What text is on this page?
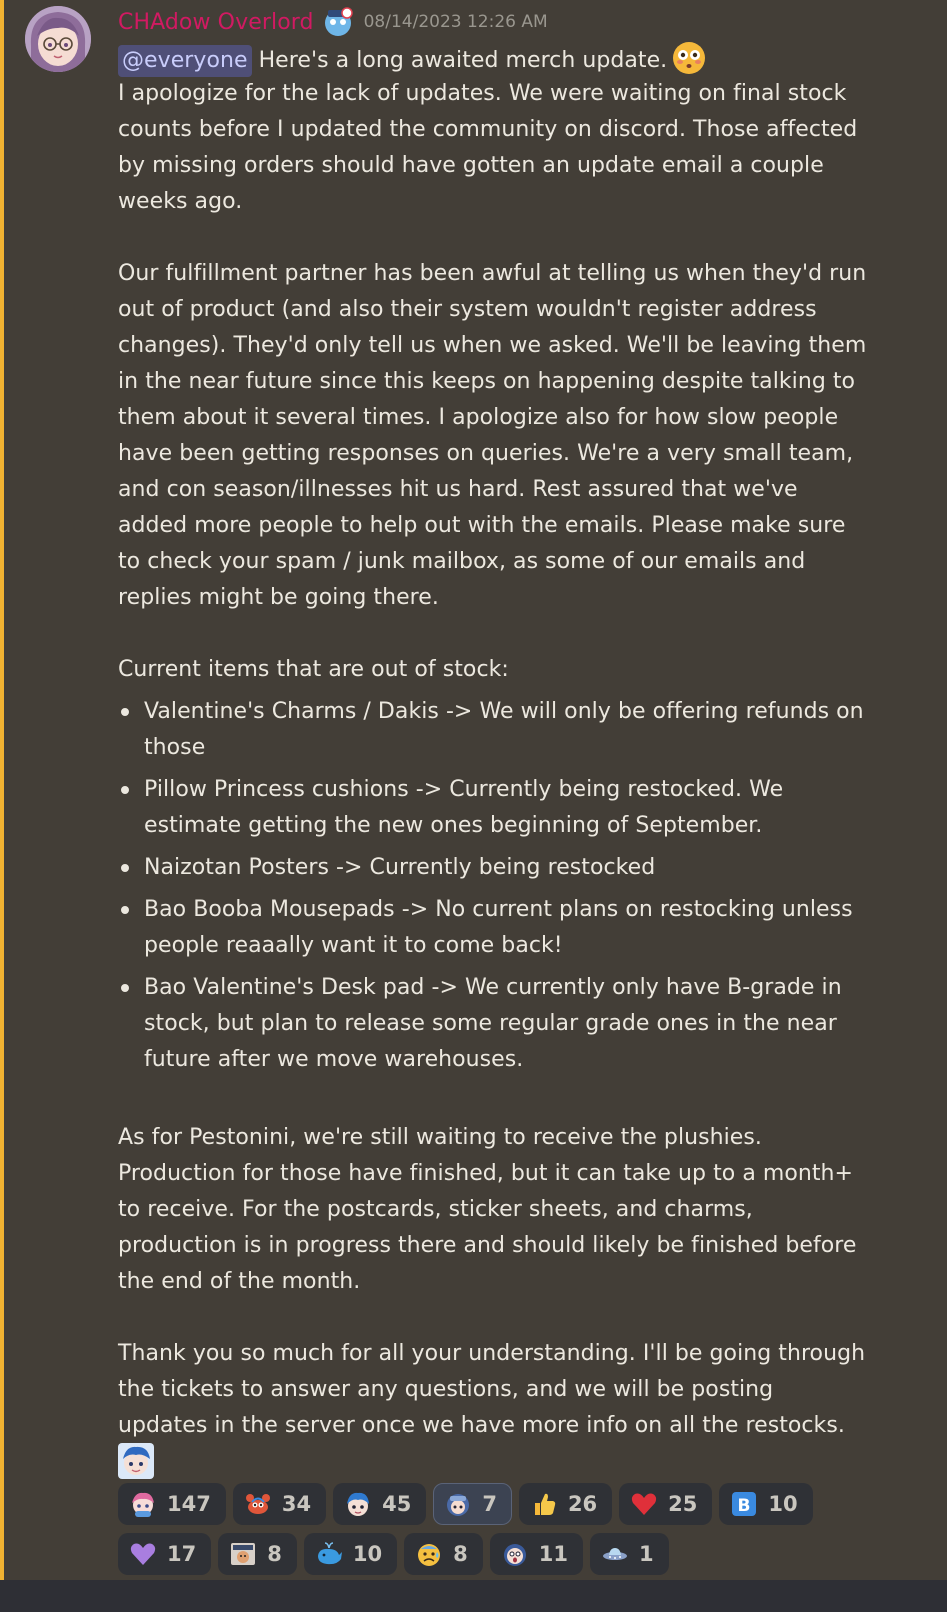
CHAdow Overlord	08/14/2023 12:26 AM
@everyone Here's a long awaited merch update.
I apologize for the lack of updates. We were waiting on final stock
counts before I updated the community on discord. Those affected
by missing orders should have gotten an update email a couple
weeks ago.
Our fulfillment partner has been awful at telling us when they'd run
out of product (and also their system wouldn't register address
changes). They'd only tell us when we asked. We'll be leaving them
in the near future since this keeps on happening despite talking to
them about it several times. I apologize also for how slow people
have been getting responses on queries. We're a very small team,
and con season/illnesses hit us hard. Rest assured that we've
added more people to help out with the emails. Please make sure
to check your spam / junk mailbox, as some of our emails and
replies might be going there.
Current items that are out of stock:
Valentine's Charms / Dakis -> We will only be offering refunds on
those
Pillow Princess cushions -> Currently being restocked. We
estimate getting the new ones beginning of September.
Naizotan Posters -> Currently being restocked
Bao Booba Mousepads -> No current plans on restocking unless
people reaaally want it to come back!
Bao Valentine's Desk pad -> We currently only have B-grade in
stock, but plan to release some regular grade ones in the near
future after we move warehouses.
As for Pestonini, we're still waiting to receive the plushies.
Production for those have finished, but it can take up to a month+
to receive. For the postcards, sticker sheets, and charms,
production is in progress there and should likely be finished before
the end of the month.
Thank you so much for all your understanding. I'll be going through
the tickets to answer any questions, and we will be posting
updates in the server once we have more info on all the restocks.
147	34	45	7	26	25 B 10
17	8	10	8	11	1
